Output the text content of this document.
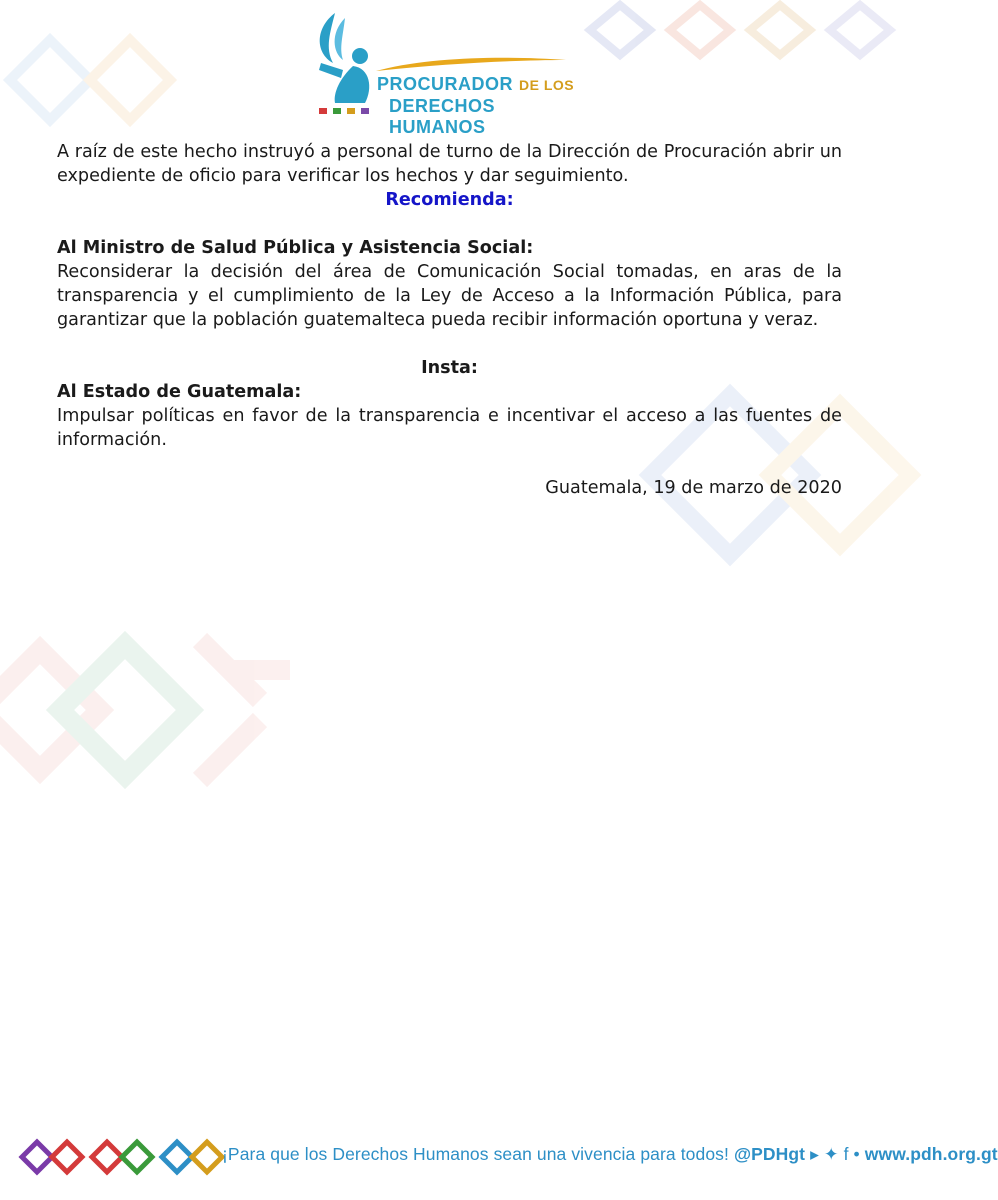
PROCURADOR DE LOS
DERECHOS HUMANOS

A raíz de este hecho instruyó a personal de turno de la Dirección de Procuración abrir un expediente de oficio para verificar los hechos y dar seguimiento.

Recomienda:

Al Ministro de Salud Pública y Asistencia Social:

Reconsiderar la decisión del área de Comunicación Social tomadas, en aras de la transparencia y el cumplimiento de la Ley de Acceso a la Información Pública, para garantizar que la población guatemalteca pueda recibir información oportuna y veraz.

Insta:

Al Estado de Guatemala:

Impulsar políticas en favor de la transparencia e incentivar el acceso a las fuentes de información.

Guatemala, 19 de marzo de 2020

¡Para que los Derechos Humanos sean una vivencia para todos! @PDHgt ▸ ✦ f • www.pdh.org.gt
